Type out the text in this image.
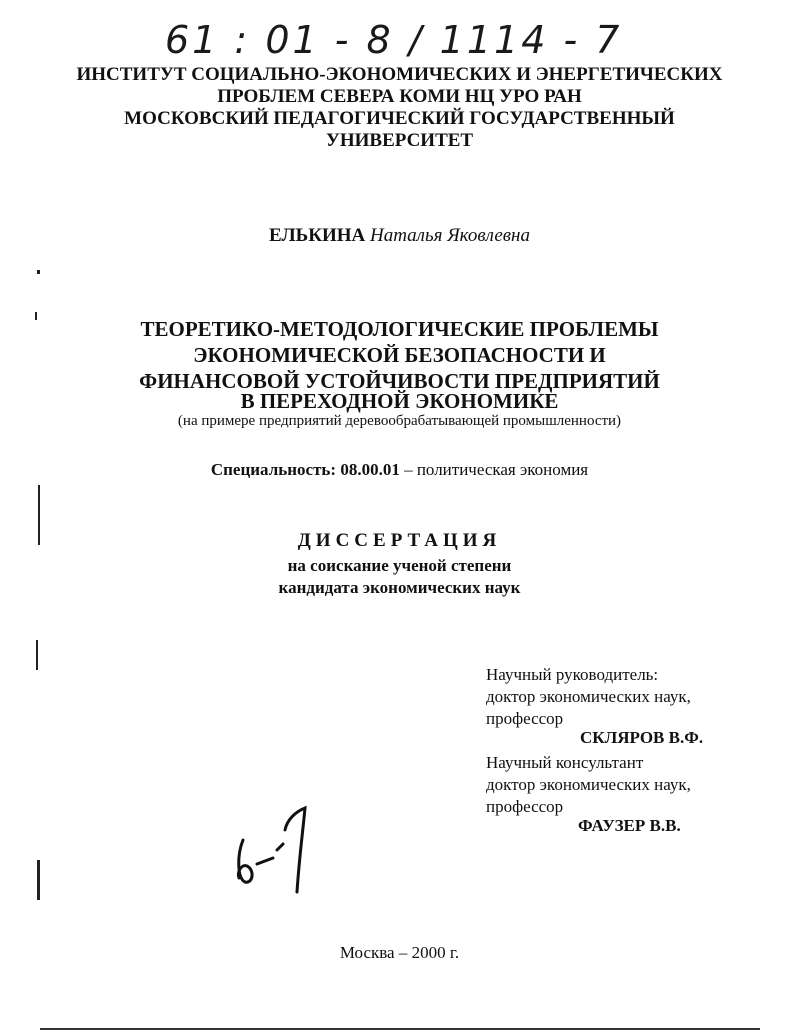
61 : 01 - 8 / 1114 - 7
ИНСТИТУТ СОЦИАЛЬНО-ЭКОНОМИЧЕСКИХ И ЭНЕРГЕТИЧЕСКИХ
ПРОБЛЕМ СЕВЕРА КОМИ НЦ УРО РАН
МОСКОВСКИЙ ПЕДАГОГИЧЕСКИЙ ГОСУДАРСТВЕННЫЙ
УНИВЕРСИТЕТ
ЕЛЬКИНА Наталья Яковлевна
ТЕОРЕТИКО-МЕТОДОЛОГИЧЕСКИЕ ПРОБЛЕМЫ
ЭКОНОМИЧЕСКОЙ БЕЗОПАСНОСТИ И
ФИНАНСОВОЙ УСТОЙЧИВОСТИ ПРЕДПРИЯТИЙ
В ПЕРЕХОДНОЙ ЭКОНОМИКЕ
(на примере предприятий деревообрабатывающей промышленности)
Специальность: 08.00.01 – политическая экономия
ДИССЕРТАЦИЯ
на соискание ученой степени
кандидата экономических наук
Научный руководитель:
доктор экономических наук,
профессор
СКЛЯРОВ В.Ф.
Научный консультант
доктор экономических наук,
профессор
ФАУЗЕР В.В.
Москва – 2000 г.
